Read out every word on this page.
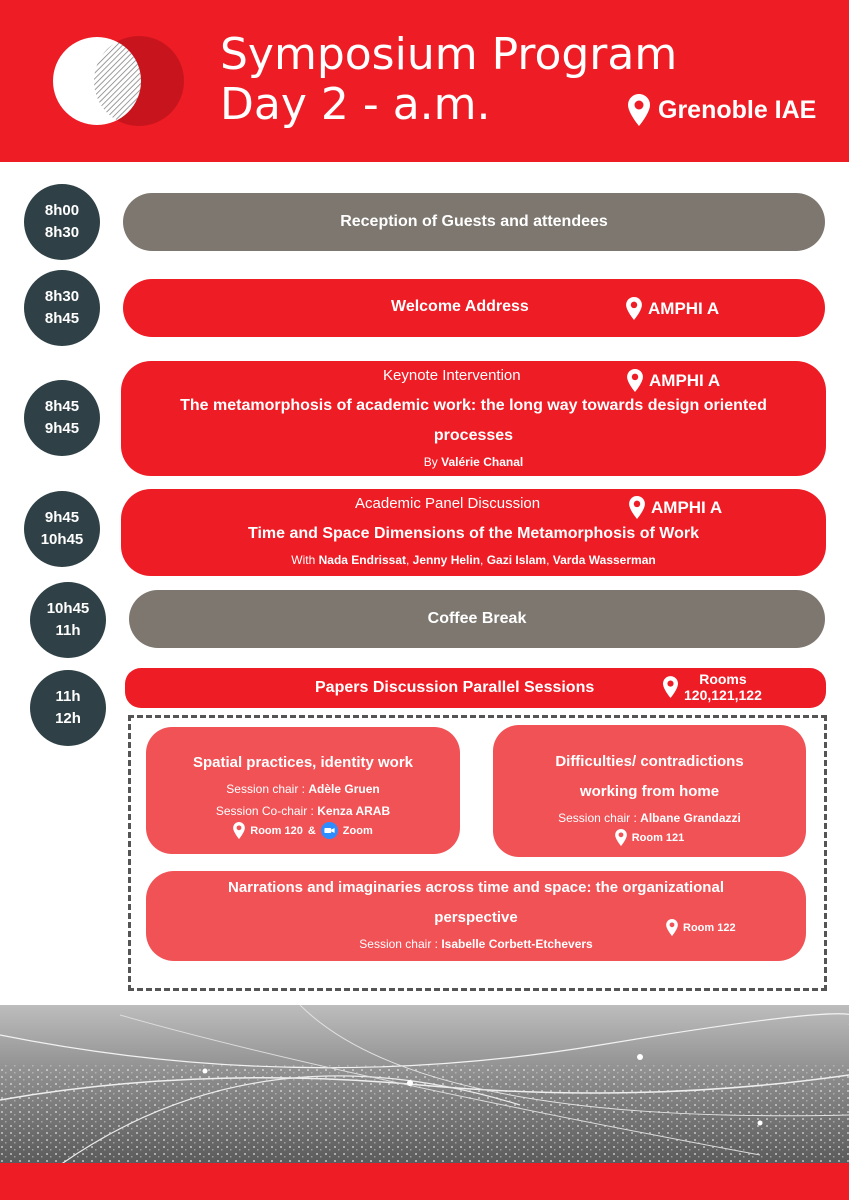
Symposium Program
Day 2 - a.m.	Grenoble IAE
8h00
8h30
Reception of Guests and attendees
8h30
8h45
Welcome Address	AMPHI A
8h45
9h45
Keynote Intervention	AMPHI A
The metamorphosis of academic work: the long way towards design oriented
processes
By Valérie Chanal
9h45
10h45
Academic Panel Discussion	AMPHI A
Time and Space Dimensions of the Metamorphosis of Work
With Nada Endrissat, Jenny Helin, Gazi Islam, Varda Wasserman
10h45
11h
Coffee Break
11h
12h
Papers Discussion Parallel Sessions	Rooms
120,121,122
Spatial practices, identity work
Session chair : Adèle Gruen
Session Co-chair : Kenza ARAB
Room 120 & Zoom
Difficulties/ contradictions
working from home
Session chair : Albane Grandazzi
Room 121
Narrations and imaginaries across time and space: the organizational
perspective
Session chair : Isabelle Corbett-Etchevers
Room 122
